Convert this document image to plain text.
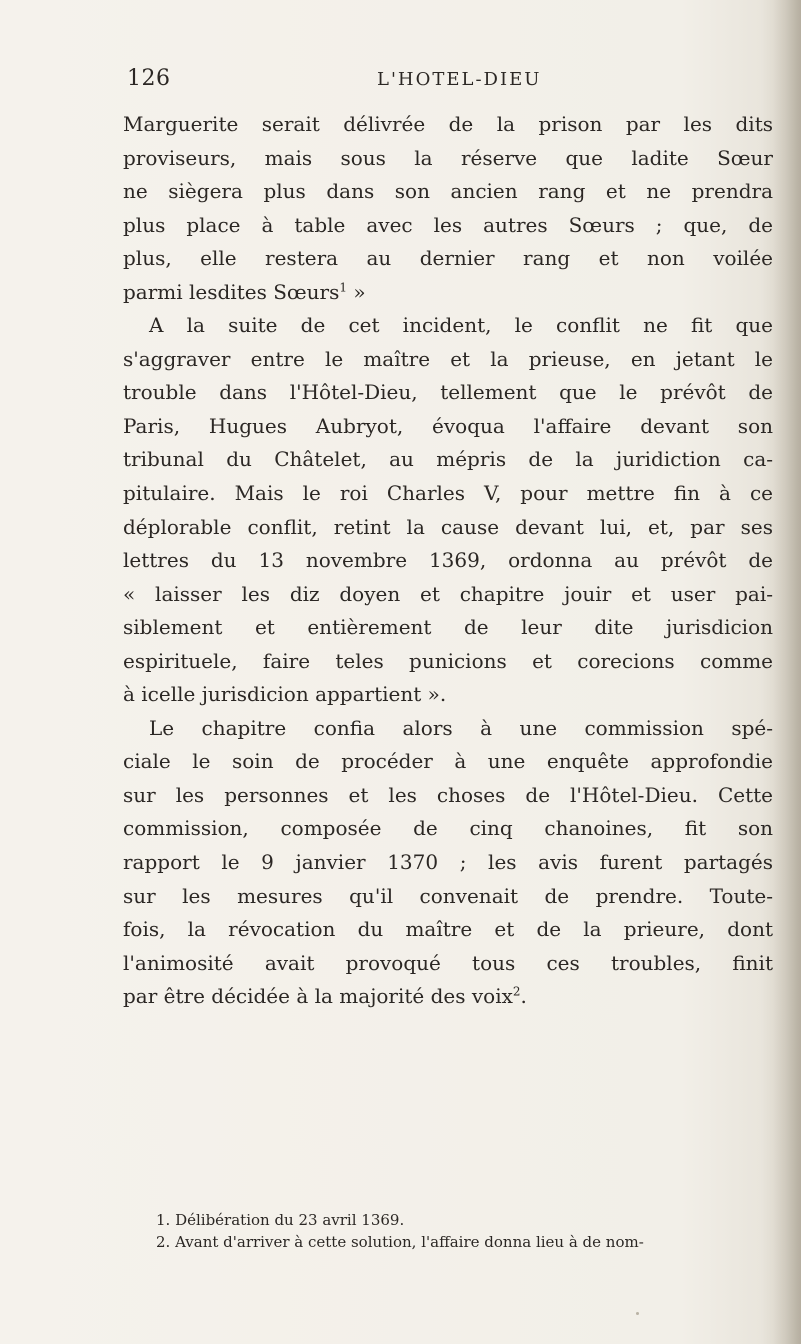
126	L'HOTEL-DIEU
Marguerite serait délivrée de la prison par les dits
proviseurs, mais sous la réserve que ladite Sœur
ne siègera plus dans son ancien rang et ne prendra
plus place à table avec les autres Sœurs ; que, de
plus, elle restera au dernier rang et non voilée
parmi lesdites Sœurs$^1$ »
A la suite de cet incident, le conflit ne fit que
s'aggraver entre le maître et la prieuse, en jetant le
trouble dans l'Hôtel-Dieu, tellement que le prévôt de
Paris, Hugues Aubryot, évoqua l'affaire devant son
tribunal du Châtelet, au mépris de la juridiction ca-
pitulaire. Mais le roi Charles V, pour mettre fin à ce
déplorable conflit, retint la cause devant lui, et, par ses
lettres du 13 novembre 1369, ordonna au prévôt de
« laisser les diz doyen et chapitre jouir et user pai-
siblement et entièrement de leur dite jurisdicion
espirituele, faire teles punicions et corecions comme
à icelle jurisdicion appartient ».
Le chapitre confia alors à une commission spé-
ciale le soin de procéder à une enquête approfondie
sur les personnes et les choses de l'Hôtel-Dieu. Cette
commission, composée de cinq chanoines, fit son
rapport le 9 janvier 1370 ; les avis furent partagés
sur les mesures qu'il convenait de prendre. Toute-
fois, la révocation du maître et de la prieure, dont
l'animosité avait provoqué tous ces troubles, finit
par être décidée à la majorité des voix$^2$.
1. Délibération du 23 avril 1369.
2. Avant d'arriver à cette solution, l'affaire donna lieu à de nom-
